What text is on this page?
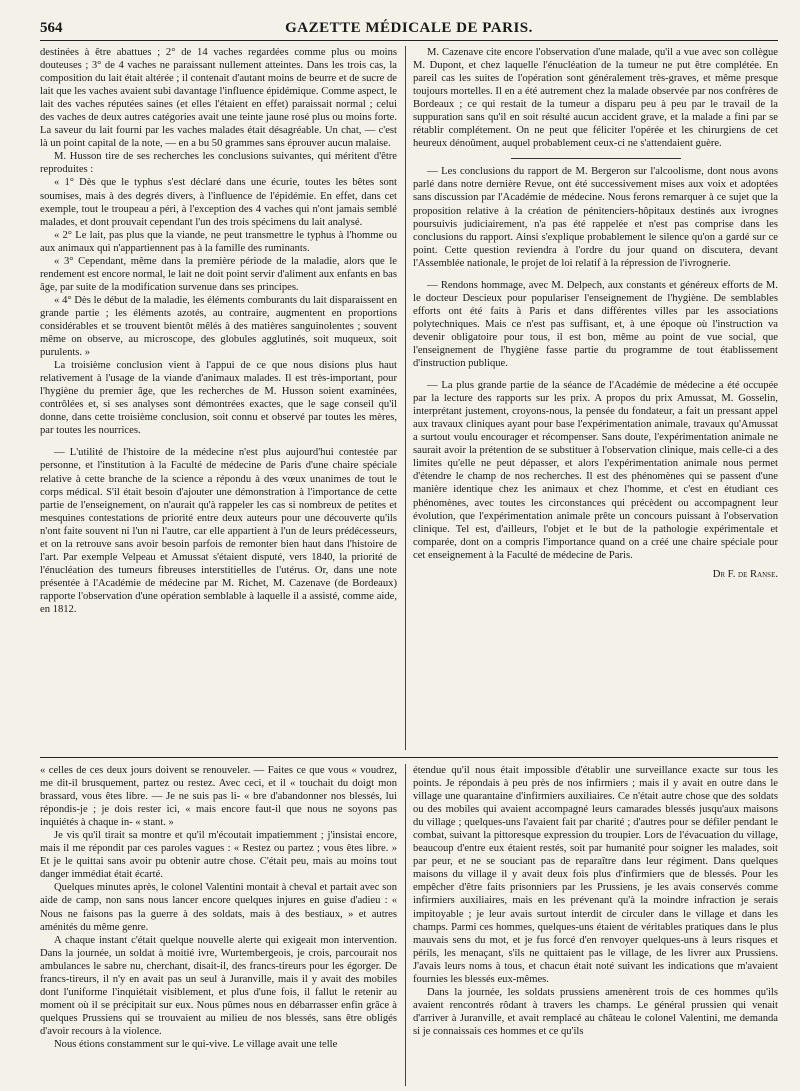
564	GAZETTE MÉDICALE DE PARIS.

destinées à être abattues ; 2° de 14 vaches regardées comme plus ou moins douteuses ; 3° de 4 vaches ne paraissant nullement atteintes. Dans les trois cas, la composition du lait était altérée ; il contenait d'autant moins de beurre et de sucre de lait que les vaches avaient subi davantage l'influence épidémique. Comme aspect, le lait des vaches réputées saines (et elles l'étaient en effet) paraissait normal ; celui des vaches de deux autres catégories avait une teinte jaune rosé plus ou moins forte. La saveur du lait fourni par les vaches malades était désagréable. Un chat, — c'est là un point capital de la note, — en a bu 50 grammes sans éprouver aucun malaise.

M. Husson tire de ses recherches les conclusions suivantes, qui méritent d'être reproduites :

« 1° Dès que le typhus s'est déclaré dans une écurie, toutes les bêtes sont soumises, mais à des degrés divers, à l'influence de l'épidémie. En effet, dans cet exemple, tout le troupeau a péri, à l'exception des 4 vaches qui n'ont jamais semblé malades, et dont prouvait cependant l'un des trois spécimens du lait analysé.

« 2° Le lait, pas plus que la viande, ne peut transmettre le typhus à l'homme ou aux animaux qui n'appartiennent pas à la famille des ruminants.

« 3° Cependant, même dans la première période de la maladie, alors que le rendement est encore normal, le lait ne doit point servir d'aliment aux enfants en bas âge, par suite de la modification survenue dans ses principes.

« 4° Dès le début de la maladie, les éléments comburants du lait disparaissent en grande partie ; les éléments azotés, au contraire, augmentent en proportions considérables et se trouvent bientôt mêlés à des matières sanguinolentes ; souvent même on observe, au microscope, des globules agglutinés, soit muqueux, soit purulents. »

La troisième conclusion vient à l'appui de ce que nous disions plus haut relativement à l'usage de la viande d'animaux malades. Il est très-important, pour l'hygiène du premier âge, que les recherches de M. Husson soient examinées, contrôlées et, si ses analyses sont démontrées exactes, que le sage conseil qu'il donne, dans cette troisième conclusion, soit connu et observé par toutes les mères, par toutes les nourrices.

— L'utilité de l'histoire de la médecine n'est plus aujourd'hui contestée par personne, et l'institution à la Faculté de médecine de Paris d'une chaire spéciale relative à cette branche de la science a répondu à des vœux unanimes de tout le corps médical. S'il était besoin d'ajouter une démonstration à l'importance de cette partie de l'enseignement, on n'aurait qu'à rappeler les cas si nombreux de petites et mesquines contestations de priorité entre deux auteurs pour une découverte qu'ils n'ont faite souvent ni l'un ni l'autre, car elle appartient à l'un de leurs prédécesseurs, et on la retrouve sans avoir besoin parfois de remonter bien haut dans l'histoire de l'art. Par exemple Velpeau et Amussat s'étaient disputé, vers 1840, la priorité de l'énucléation des tumeurs fibreuses interstitielles de l'utérus. Or, dans une note présentée à l'Académie de médecine par M. Richet, M. Cazenave (de Bordeaux) rapporte l'observation d'une opération semblable à laquelle il a assisté, comme aide, en 1812.

M. Cazenave cite encore l'observation d'une malade, qu'il a vue avec son collègue M. Dupont, et chez laquelle l'énucléation de la tumeur ne put être complétée. En pareil cas les suites de l'opération sont généralement très-graves, et même presque toujours mortelles. Il en a été autrement chez la malade observée par nos confrères de Bordeaux ; ce qui restait de la tumeur a disparu peu à peu par le travail de la suppuration sans qu'il en soit résulté aucun accident grave, et la malade a fini par se rétablir complétement. On ne peut que féliciter l'opérée et les chirurgiens de cet heureux dénoûment, auquel probablement ceux-ci ne s'attendaient guère.

— Les conclusions du rapport de M. Bergeron sur l'alcoolisme, dont nous avons parlé dans notre dernière Revue, ont été successivement mises aux voix et adoptées sans discussion par l'Académie de médecine. Nous ferons remarquer à ce sujet que la proposition relative à la création de pénitenciers-hôpitaux destinés aux ivrognes poursuivis judiciairement, n'a pas été rappelée et n'est pas comprise dans les conclusions du rapport. Ainsi s'explique probablement le silence qu'on a gardé sur ce point. Cette question reviendra à l'ordre du jour quand on discutera, devant l'Assemblée nationale, le projet de loi relatif à la répression de l'ivrognerie.

— Rendons hommage, avec M. Delpech, aux constants et généreux efforts de M. le docteur Descieux pour populariser l'enseignement de l'hygiène. De semblables efforts ont été faits à Paris et dans différentes villes par les associations polytechniques. Mais ce n'est pas suffisant, et, à une époque où l'instruction va devenir obligatoire pour tous, il est bon, même au point de vue social, que l'enseignement de l'hygiène fasse partie du programme de tout établissement d'instruction publique.

— La plus grande partie de la séance de l'Académie de médecine a été occupée par la lecture des rapports sur les prix. A propos du prix Amussat, M. Gosselin, interprétant justement, croyons-nous, la pensée du fondateur, a fait un pressant appel aux travaux cliniques ayant pour base l'expérimentation animale, travaux qu'Amussat a surtout voulu encourager et récompenser. Sans doute, l'expérimentation animale ne saurait avoir la prétention de se substituer à l'observation clinique, mais celle-ci a des limites qu'elle ne peut dépasser, et alors l'expérimentation animale nous permet d'étendre le champ de nos recherches. Il est des phénomènes qui se passent d'une manière identique chez les animaux et chez l'homme, et c'est en étudiant ces phénomènes, avec toutes les circonstances qui précèdent ou accompagnent leur évolution, que l'expérimentation animale prête un concours puissant à l'observation clinique. Tel est, d'ailleurs, l'objet et le but de la pathologie expérimentale et comparée, dont on a compris l'importance quand on a créé une chaire spéciale pour cet enseignement à la Faculté de médecine de Paris.

Dr F. de Ranse.

« celles de ces deux jours doivent se renouveler. — Faites ce que vous « voudrez, me dit-il brusquement, partez ou restez. Avec ceci, et il « touchait du doigt mon brassard, vous êtes libre. — Je ne suis pas li- « bre d'abandonner nos blessés, lui répondis-je ; je dois rester ici, « mais encore faut-il que nous ne soyons pas inquiétés à chaque in- « stant. »

Je vis qu'il tirait sa montre et qu'il m'écoutait impatiemment ; j'insistai encore, mais il me répondit par ces paroles vagues : « Restez ou partez ; vous êtes libre. » Et je le quittai sans avoir pu obtenir autre chose. C'était peu, mais au moins tout danger immédiat était écarté.

Quelques minutes après, le colonel Valentini montait à cheval et partait avec son aide de camp, non sans nous lancer encore quelques injures en guise d'adieu : « Nous ne faisons pas la guerre à des soldats, mais à des bestiaux, » et autres aménités du même genre.

A chaque instant c'était quelque nouvelle alerte qui exigeait mon intervention. Dans la journée, un soldat à moitié ivre, Wurtembergeois, je crois, parcourait nos ambulances le sabre nu, cherchant, disait-il, des francs-tireurs pour les égorger. De francs-tireurs, il n'y en avait pas un seul à Juranville, mais il y avait des mobiles dont l'uniforme l'inquiétait visiblement, et plus d'une fois, il fallut le retenir au moment où il se précipitait sur eux. Nous pûmes nous en débarrasser enfin grâce à quelques Prussiens qui se trouvaient au milieu de nos blessés, sans être obligés d'avoir recours à la violence.

Nous étions constamment sur le qui-vive. Le village avait une telle

étendue qu'il nous était impossible d'établir une surveillance exacte sur tous les points. Je répondais à peu près de nos infirmiers ; mais il y avait en outre dans le village une quarantaine d'infirmiers auxiliaires. Ce n'était autre chose que des soldats ou des mobiles qui avaient accompagné leurs camarades blessés jusqu'aux maisons du village ; quelques-uns l'avaient fait par charité ; d'autres pour se défiler pendant le combat, suivant la pittoresque expression du troupier. Lors de l'évacuation du village, beaucoup d'entre eux étaient restés, soit par humanité pour soigner les malades, soit par peur, et ne se souciant pas de reparaître dans leur régiment. Dans quelques maisons du village il y avait deux fois plus d'infirmiers que de blessés. Pour les empêcher d'être faits prisonniers par les Prussiens, je les avais conservés comme infirmiers auxiliaires, mais en les prévenant qu'à la moindre infraction je serais impitoyable ; je leur avais surtout interdit de circuler dans le village et dans les champs. Parmi ces hommes, quelques-uns étaient de véritables pratiques dans le plus mauvais sens du mot, et je fus forcé d'en renvoyer quelques-uns à leurs risques et périls, les menaçant, s'ils ne quittaient pas le village, de les livrer aux Prussiens. J'avais leurs noms à tous, et chacun était noté suivant les indications que m'avaient fournies les blessés eux-mêmes.

Dans la journée, les soldats prussiens amenèrent trois de ces hommes qu'ils avaient rencontrés rôdant à travers les champs. Le général prussien qui venait d'arriver à Juranville, et avait remplacé au château le colonel Valentini, me demanda si je connaissais ces hommes et ce qu'ils
